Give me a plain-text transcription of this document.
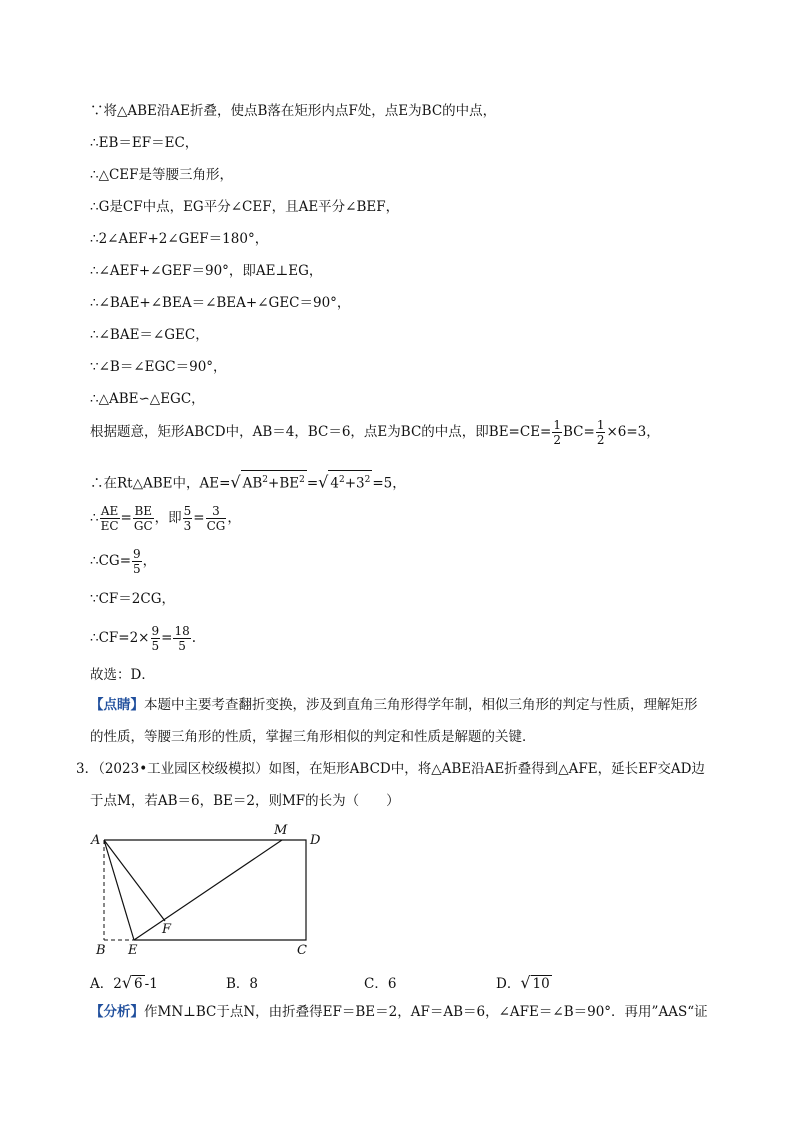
∵将△ABE沿AE折叠，使点B落在矩形内点F处，点E为BC的中点，
∴EB＝EF＝EC，
∴△CEF是等腰三角形，
∴G是CF中点，EG平分∠CEF，且AE平分∠BEF，
∴2∠AEF+2∠GEF＝180°，
∴∠AEF+∠GEF＝90°，即AE⊥EG，
∴∠BAE+∠BEA＝∠BEA+∠GEC＝90°，
∴∠BAE＝∠GEC，
∵∠B＝∠EGC＝90°，
∴△ABE∽△EGC，
根据题意，矩形ABCD中，AB＝4，BC＝6，点E为BC的中点，即$BE=CE= \frac{1}{2} BC= \frac{1}{2} \times 6=3$，
∴在Rt△ABE中，AE=√ $AB^2+BE^2$ =√ $4^2+3^2 =5$，
∴ $\frac{AE}{EC} = \frac{BE}{GC}$ ，即 $\frac{5}{3} = \frac{3}{CG}$ ，
∴CG= $\frac{9}{5}$ ，
∵CF＝2CG，
∴CF=2× $\frac{9}{5} = \frac{18}{5}$ .
故选：D．
【点睛】本题中主要考查翻折变换，涉及到直角三角形得学年制，相似三角形的判定与性质，理解矩形
的性质，等腰三角形的性质，掌握三角形相似的判定和性质是解题的关键．
3．（2023•工业园区校级模拟）如图，在矩形ABCD中，将△ABE沿AE折叠得到△AFE，延长EF交AD边
于点M，若AB＝6，BE＝2，则MF的长为（　　）
A
B E
F
M
D
C
A．2√ 6 -1	B．8	C．6	D．√ 10
【分析】作MN⊥BC于点N，由折叠得EF＝BE＝2，AF＝AB＝6，∠AFE＝∠B＝90°．再用”AAS“证
